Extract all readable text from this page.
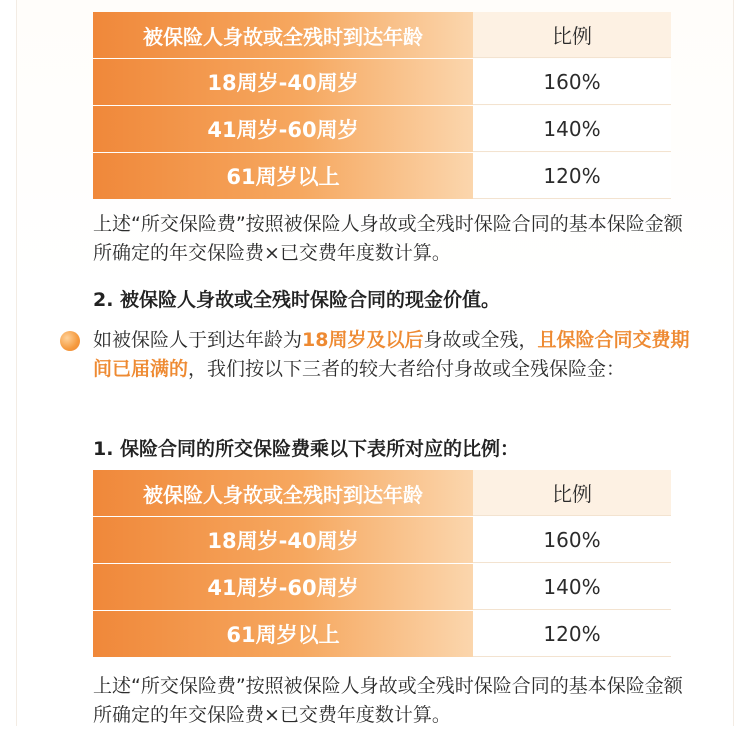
被保险人身故或全残时到达年龄	比例
18周岁-40周岁	160%
41周岁-60周岁	140%
61周岁以上	120%
上述“所交保险费”按照被保险人身故或全残时保险合同的基本保险金额所确定的年交保险费×已交费年度数计算。
2. 被保险人身故或全残时保险合同的现金价值。
如被保险人于到达年龄为18周岁及以后身故或全残，且保险合同交费期间已届满的，我们按以下三者的较大者给付身故或全残保险金：
1. 保险合同的所交保险费乘以下表所对应的比例：
被保险人身故或全残时到达年龄	比例
18周岁-40周岁	160%
41周岁-60周岁	140%
61周岁以上	120%
上述“所交保险费”按照被保险人身故或全残时保险合同的基本保险金额所确定的年交保险费×已交费年度数计算。
